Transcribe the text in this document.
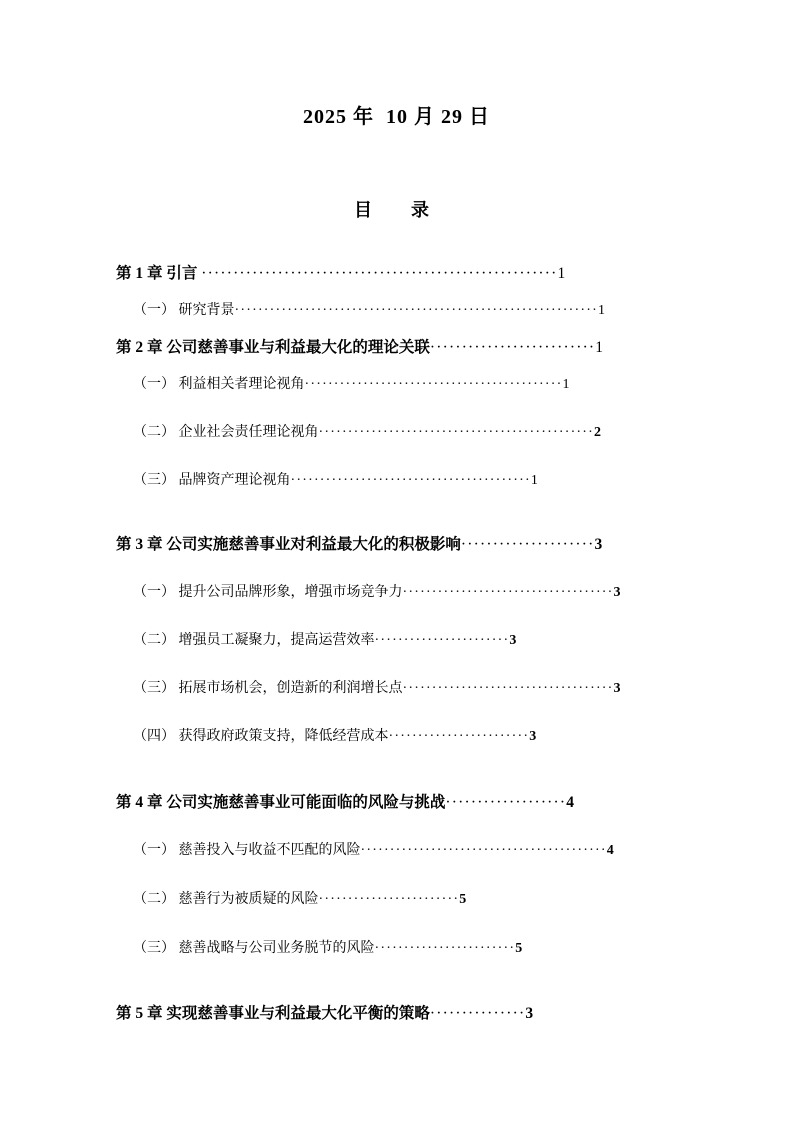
2025 年  10 月 29 日
目  录
第 1 章 引言 ························································1
（一） 研究背景······························································1
第 2 章 公司慈善事业与利益最大化的理论关联··························1
（一） 利益相关者理论视角············································1
（二） 企业社会责任理论视角···············································2
（三） 品牌资产理论视角·········································1
第 3 章 公司实施慈善事业对利益最大化的积极影响·····················3
（一） 提升公司品牌形象，增强市场竞争力····································3
（二） 增强员工凝聚力，提高运营效率·······················3
（三） 拓展市场机会，创造新的利润增长点····································3
（四） 获得政府政策支持，降低经营成本························3
第 4 章 公司实施慈善事业可能面临的风险与挑战···················4
（一） 慈善投入与收益不匹配的风险··········································4
（二） 慈善行为被质疑的风险························5
（三） 慈善战略与公司业务脱节的风险························5
第 5 章 实现慈善事业与利益最大化平衡的策略···············3
